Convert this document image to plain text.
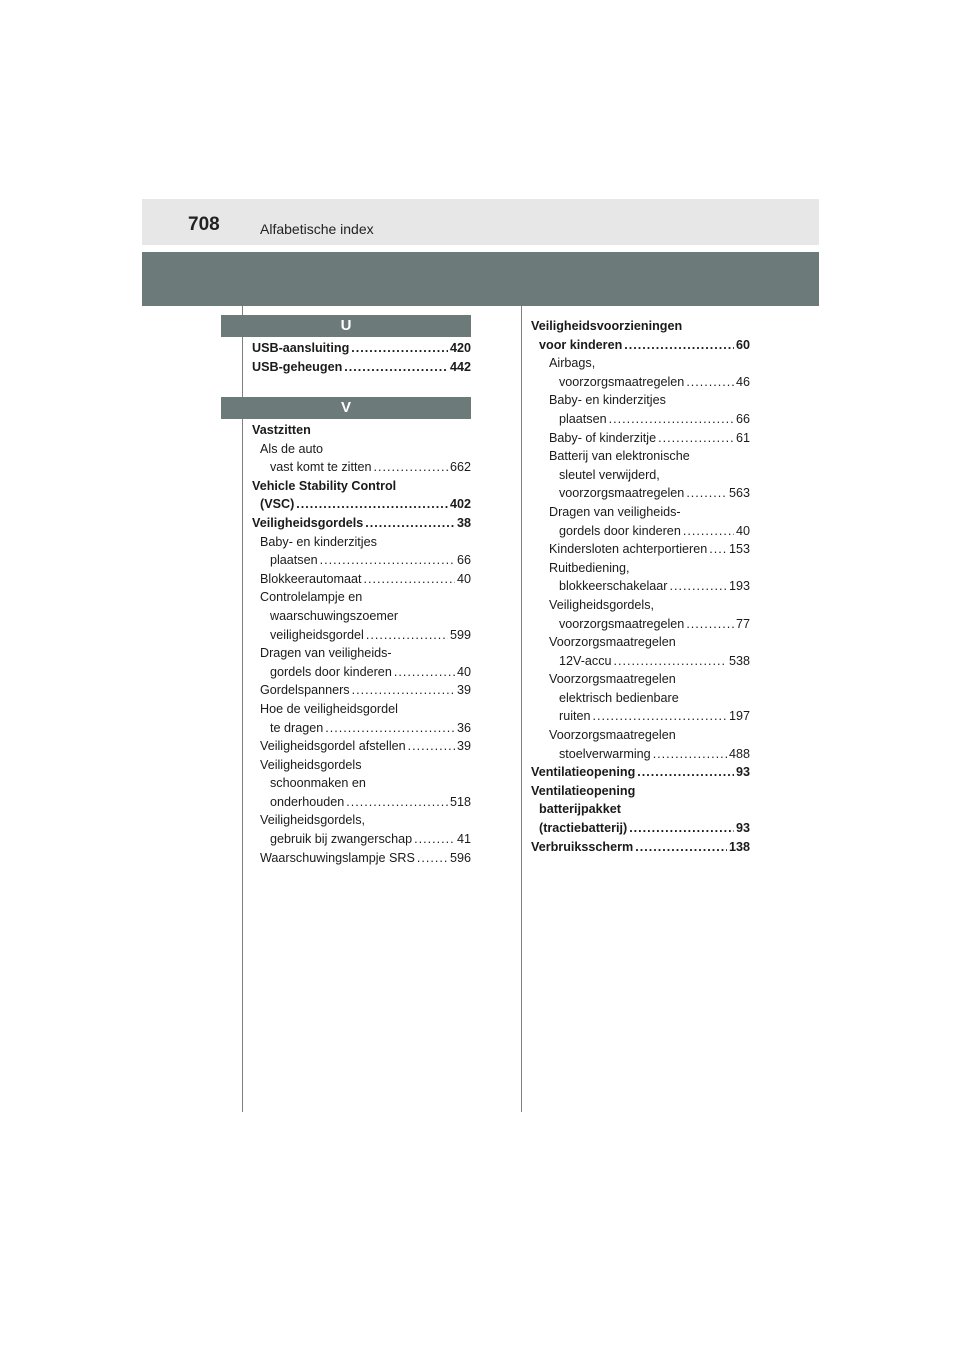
708	Alfabetische index
U
USB-aansluiting .....	420
USB-geheugen .....	442
V
Vastzitten
Als de auto
vast komt te zitten .....	662
Vehicle Stability Control
(VSC) .....	402
Veiligheidsgordels .....	38
Baby- en kinderzitjes
plaatsen .....	66
Blokkeerautomaat .....	40
Controlelampje en
waarschuwingszoemer
veiligheidsgordel .....	599
Dragen van veiligheids-
gordels door kinderen .....	40
Gordelspanners .....	39
Hoe de veiligheidsgordel
te dragen .....	36
Veiligheidsgordel afstellen .....	39
Veiligheidsgordels
schoonmaken en
onderhouden .....	518
Veiligheidsgordels,
gebruik bij zwangerschap .....	41
Waarschuwingslampje SRS .....	596
Veiligheidsvoorzieningen
voor kinderen .....	60
Airbags,
voorzorgsmaatregelen .....	46
Baby- en kinderzitjes
plaatsen .....	66
Baby- of kinderzitje .....	61
Batterij van elektronische
sleutel verwijderd,
voorzorgsmaatregelen .....	563
Dragen van veiligheids-
gordels door kinderen .....	40
Kindersloten achterportieren ..... 153
Ruitbediening,
blokkeerschakelaar .....	193
Veiligheidsgordels,
voorzorgsmaatregelen .....	77
Voorzorgsmaatregelen
12V-accu .....	538
Voorzorgsmaatregelen
elektrisch bedienbare
ruiten .....	197
Voorzorgsmaatregelen
stoelverwarming .....	488
Ventilatieopening .....	93
Ventilatieopening
batterijpakket
(tractiebatterij) .....	93
Verbruiksscherm .....	138
